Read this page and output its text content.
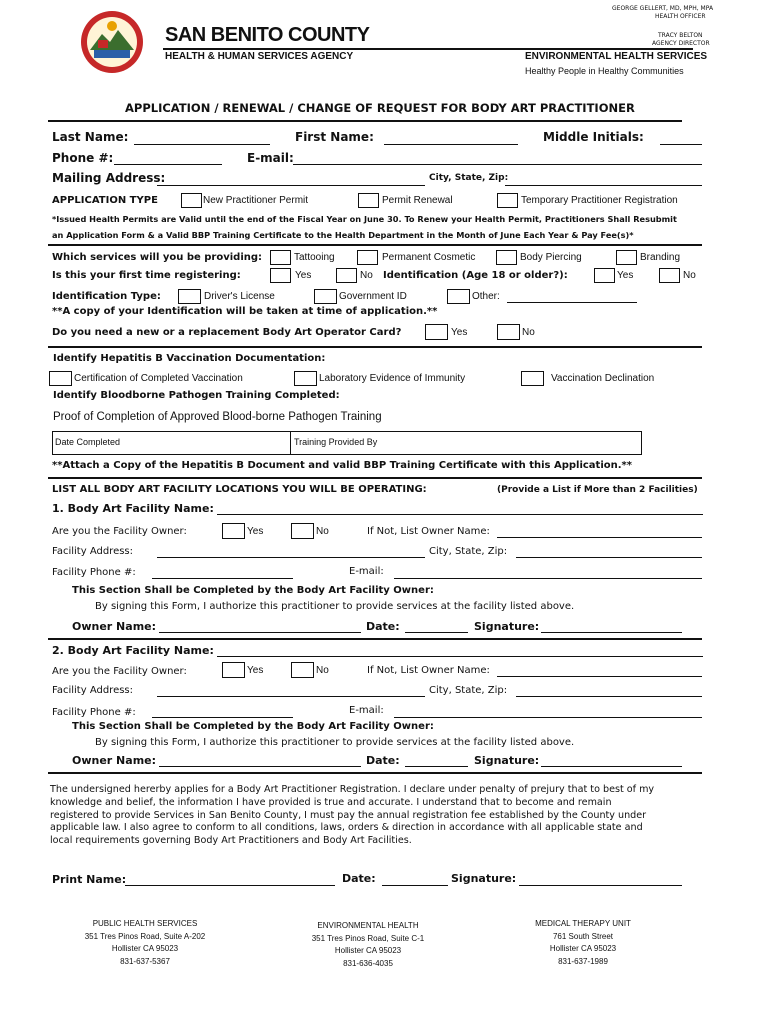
SAN BENITO COUNTY
HEALTH & HUMAN SERVICES AGENCY
GEORGE GELLERT, MD, MPH, MPA
HEALTH OFFICER
TRACY BELTON
AGENCY DIRECTOR
ENVIRONMENTAL HEALTH SERVICES
Healthy People in Healthy Communities
APPLICATION / RENEWAL / CHANGE OF REQUEST FOR BODY ART PRACTITIONER
Last Name:	First Name:	Middle Initials:
Phone #:	E-mail:
Mailing Address:	City, State, Zip:
APPLICATION TYPE	New Practitioner Permit	Permit Renewal	Temporary Practitioner Registration
*Issued Health Permits are Valid until the end of the Fiscal Year on June 30. To Renew your Health Permit, Practitioners Shall Resubmit
an Application Form & a Valid BBP Training Certificate to the Health Department in the Month of June Each Year & Pay Fee(s)*
Which services will you be providing:	Tattooing	Permanent Cosmetic	Body Piercing	Branding
Is this your first time registering:	Yes	No Identification (Age 18 or older?):	Yes	No
Identification Type:	Driver's License	Government ID	Other:
**A copy of your Identification will be taken at time of application.**
Do you need a new or a replacement Body Art Operator Card?	Yes	No
Identify Hepatitis B Vaccination Documentation:
Certification of Completed Vaccination	Laboratory Evidence of Immunity	Vaccination Declination
Identify Bloodborne Pathogen Training Completed:
Proof of Completion of Approved Blood-borne Pathogen Training
Date Completed	Training Provided By
**Attach a Copy of the Hepatitis B Document and valid BBP Training Certificate with this Application.**
LIST ALL BODY ART FACILITY LOCATIONS YOU WILL BE OPERATING:	(Provide a List if More than 2 Facilities)
1. Body Art Facility Name:
Are you the Facility Owner:	Yes	No	If Not, List Owner Name:
Facility Address:	City, State, Zip:
Facility Phone #:	E-mail:
This Section Shall be Completed by the Body Art Facility Owner:
By signing this Form, I authorize this practitioner to provide services at the facility listed above.
Owner Name:	Date:	Signature:
2. Body Art Facility Name:
Are you the Facility Owner:	Yes	No	If Not, List Owner Name:
Facility Address:	City, State, Zip:
Facility Phone #:	E-mail:
This Section Shall be Completed by the Body Art Facility Owner:
By signing this Form, I authorize this practitioner to provide services at the facility listed above.
Owner Name:	Date:	Signature:
The undersigned hererby applies for a Body Art Practitioner Registration. I declare under penalty of prejury that to best of my
knowledge and belief, the information I have provided is true and accurate. I understand that to become and remain
registered to provide Services in San Benito County, I must pay the annual registration fee established by the County under
applicable law. I also agree to conform to all conditions, laws, orders & direction in accordance with all applicable state and
local requirements governing Body Art Practitioners and Body Art Facilities.
Print Name:	Date:	Signature:
PUBLIC HEALTH SERVICES
351 Tres Pinos Road, Suite A-202
Hollister CA 95023
831-637-5367
ENVIRONMENTAL HEALTH
351 Tres Pinos Road, Suite C-1
Hollister CA 95023
831-636-4035
MEDICAL THERAPY UNIT
761 South Street
Hollister CA 95023
831-637-1989
